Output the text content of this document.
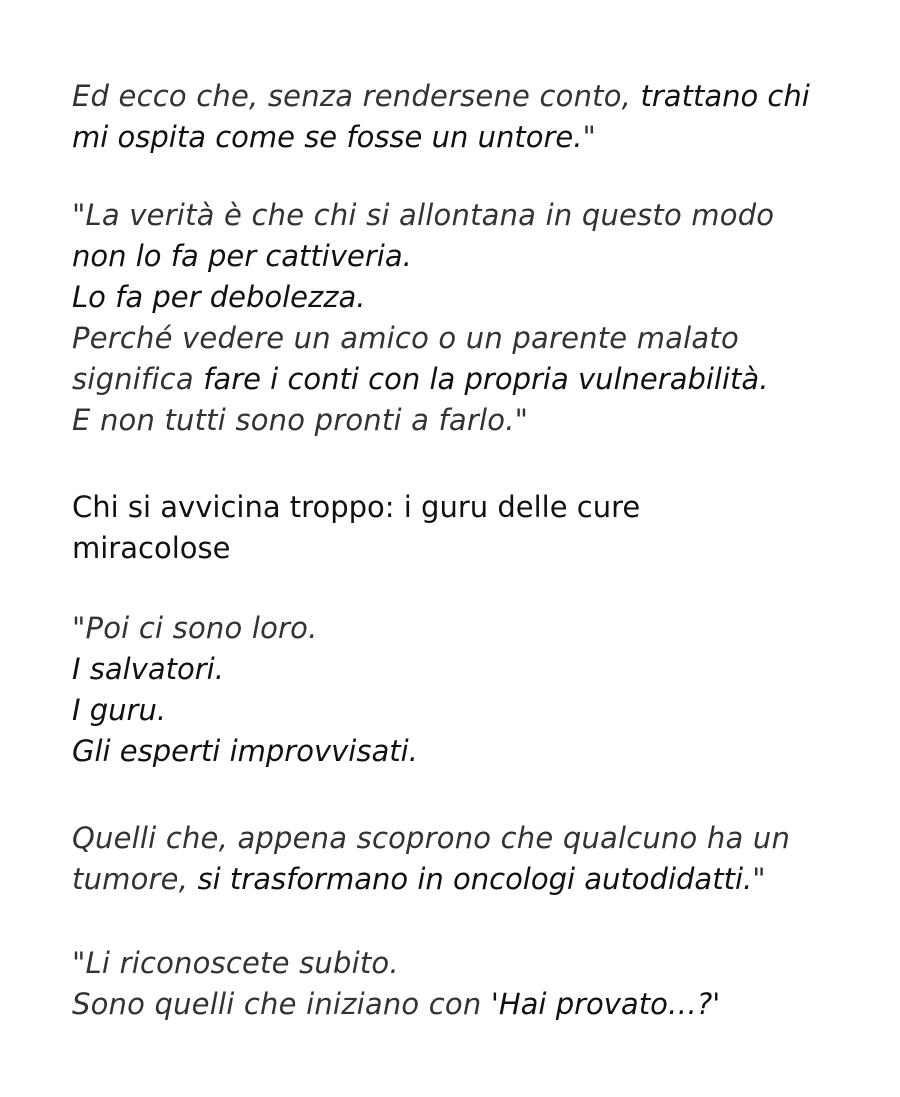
Ed ecco che, senza rendersene conto, trattano chi
mi ospita come se fosse un untore."
"La verità è che chi si allontana in questo modo
non lo fa per cattiveria.
Lo fa per debolezza.
Perché vedere un amico o un parente malato
significa fare i conti con la propria vulnerabilità.
E non tutti sono pronti a farlo."
Chi si avvicina troppo: i guru delle cure
miracolose
"Poi ci sono loro.
I salvatori.
I guru.
Gli esperti improvvisati.
Quelli che, appena scoprono che qualcuno ha un
tumore, si trasformano in oncologi autodidatti."
"Li riconoscete subito.
Sono quelli che iniziano con 'Hai provato…?'
